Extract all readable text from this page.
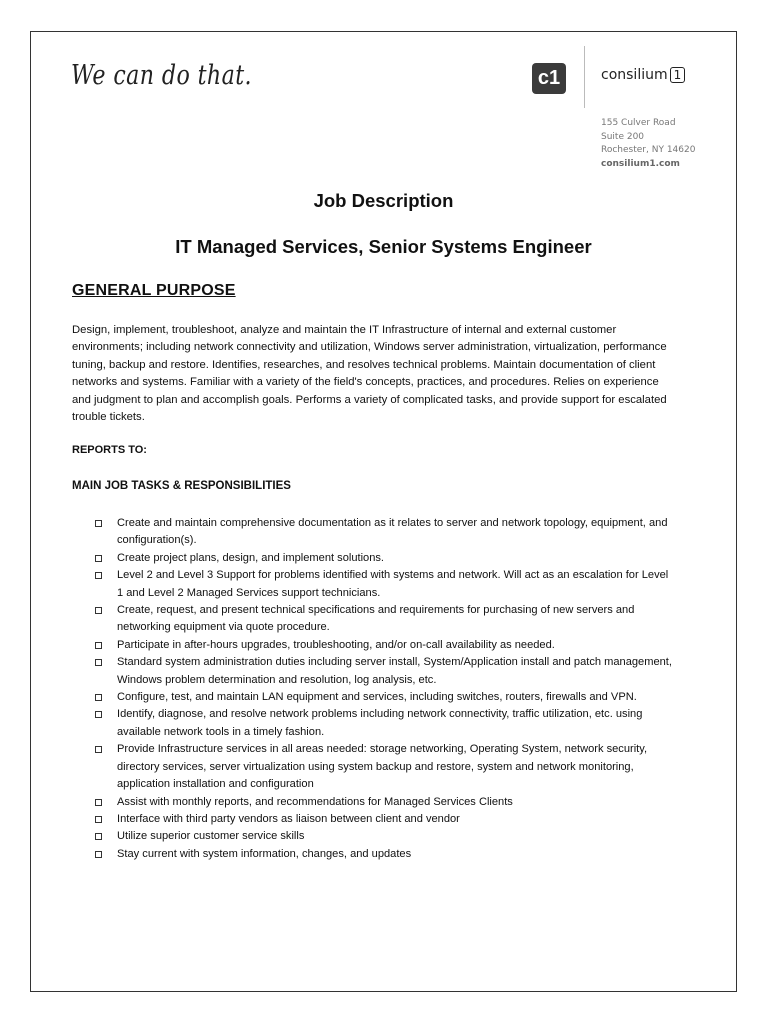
We can do that.	c1	consilium 1
155 Culver Road
Suite 200
Rochester, NY 14620
consilium1.com
Job Description
IT Managed Services, Senior Systems Engineer
GENERAL PURPOSE
Design, implement, troubleshoot, analyze and maintain the IT Infrastructure of internal and external customer environments; including network connectivity and utilization, Windows server administration, virtualization, performance tuning, backup and restore. Identifies, researches, and resolves technical problems. Maintain documentation of client networks and systems. Familiar with a variety of the field's concepts, practices, and procedures. Relies on experience and judgment to plan and accomplish goals. Performs a variety of complicated tasks, and provide support for escalated trouble tickets.
REPORTS TO:
MAIN JOB TASKS & RESPONSIBILITIES
Create and maintain comprehensive documentation as it relates to server and network topology, equipment, and configuration(s).
Create project plans, design, and implement solutions.
Level 2 and Level 3 Support for problems identified with systems and network. Will act as an escalation for Level 1 and Level 2 Managed Services support technicians.
Create, request, and present technical specifications and requirements for purchasing of new servers and networking equipment via quote procedure.
Participate in after-hours upgrades, troubleshooting, and/or on-call availability as needed.
Standard system administration duties including server install, System/Application install and patch management, Windows problem determination and resolution, log analysis, etc.
Configure, test, and maintain LAN equipment and services, including switches, routers, firewalls and VPN.
Identify, diagnose, and resolve network problems including network connectivity, traffic utilization, etc. using available network tools in a timely fashion.
Provide Infrastructure services in all areas needed: storage networking, Operating System, network security, directory services, server virtualization using system backup and restore, system and network monitoring, application installation and configuration
Assist with monthly reports, and recommendations for Managed Services Clients
Interface with third party vendors as liaison between client and vendor
Utilize superior customer service skills
Stay current with system information, changes, and updates
